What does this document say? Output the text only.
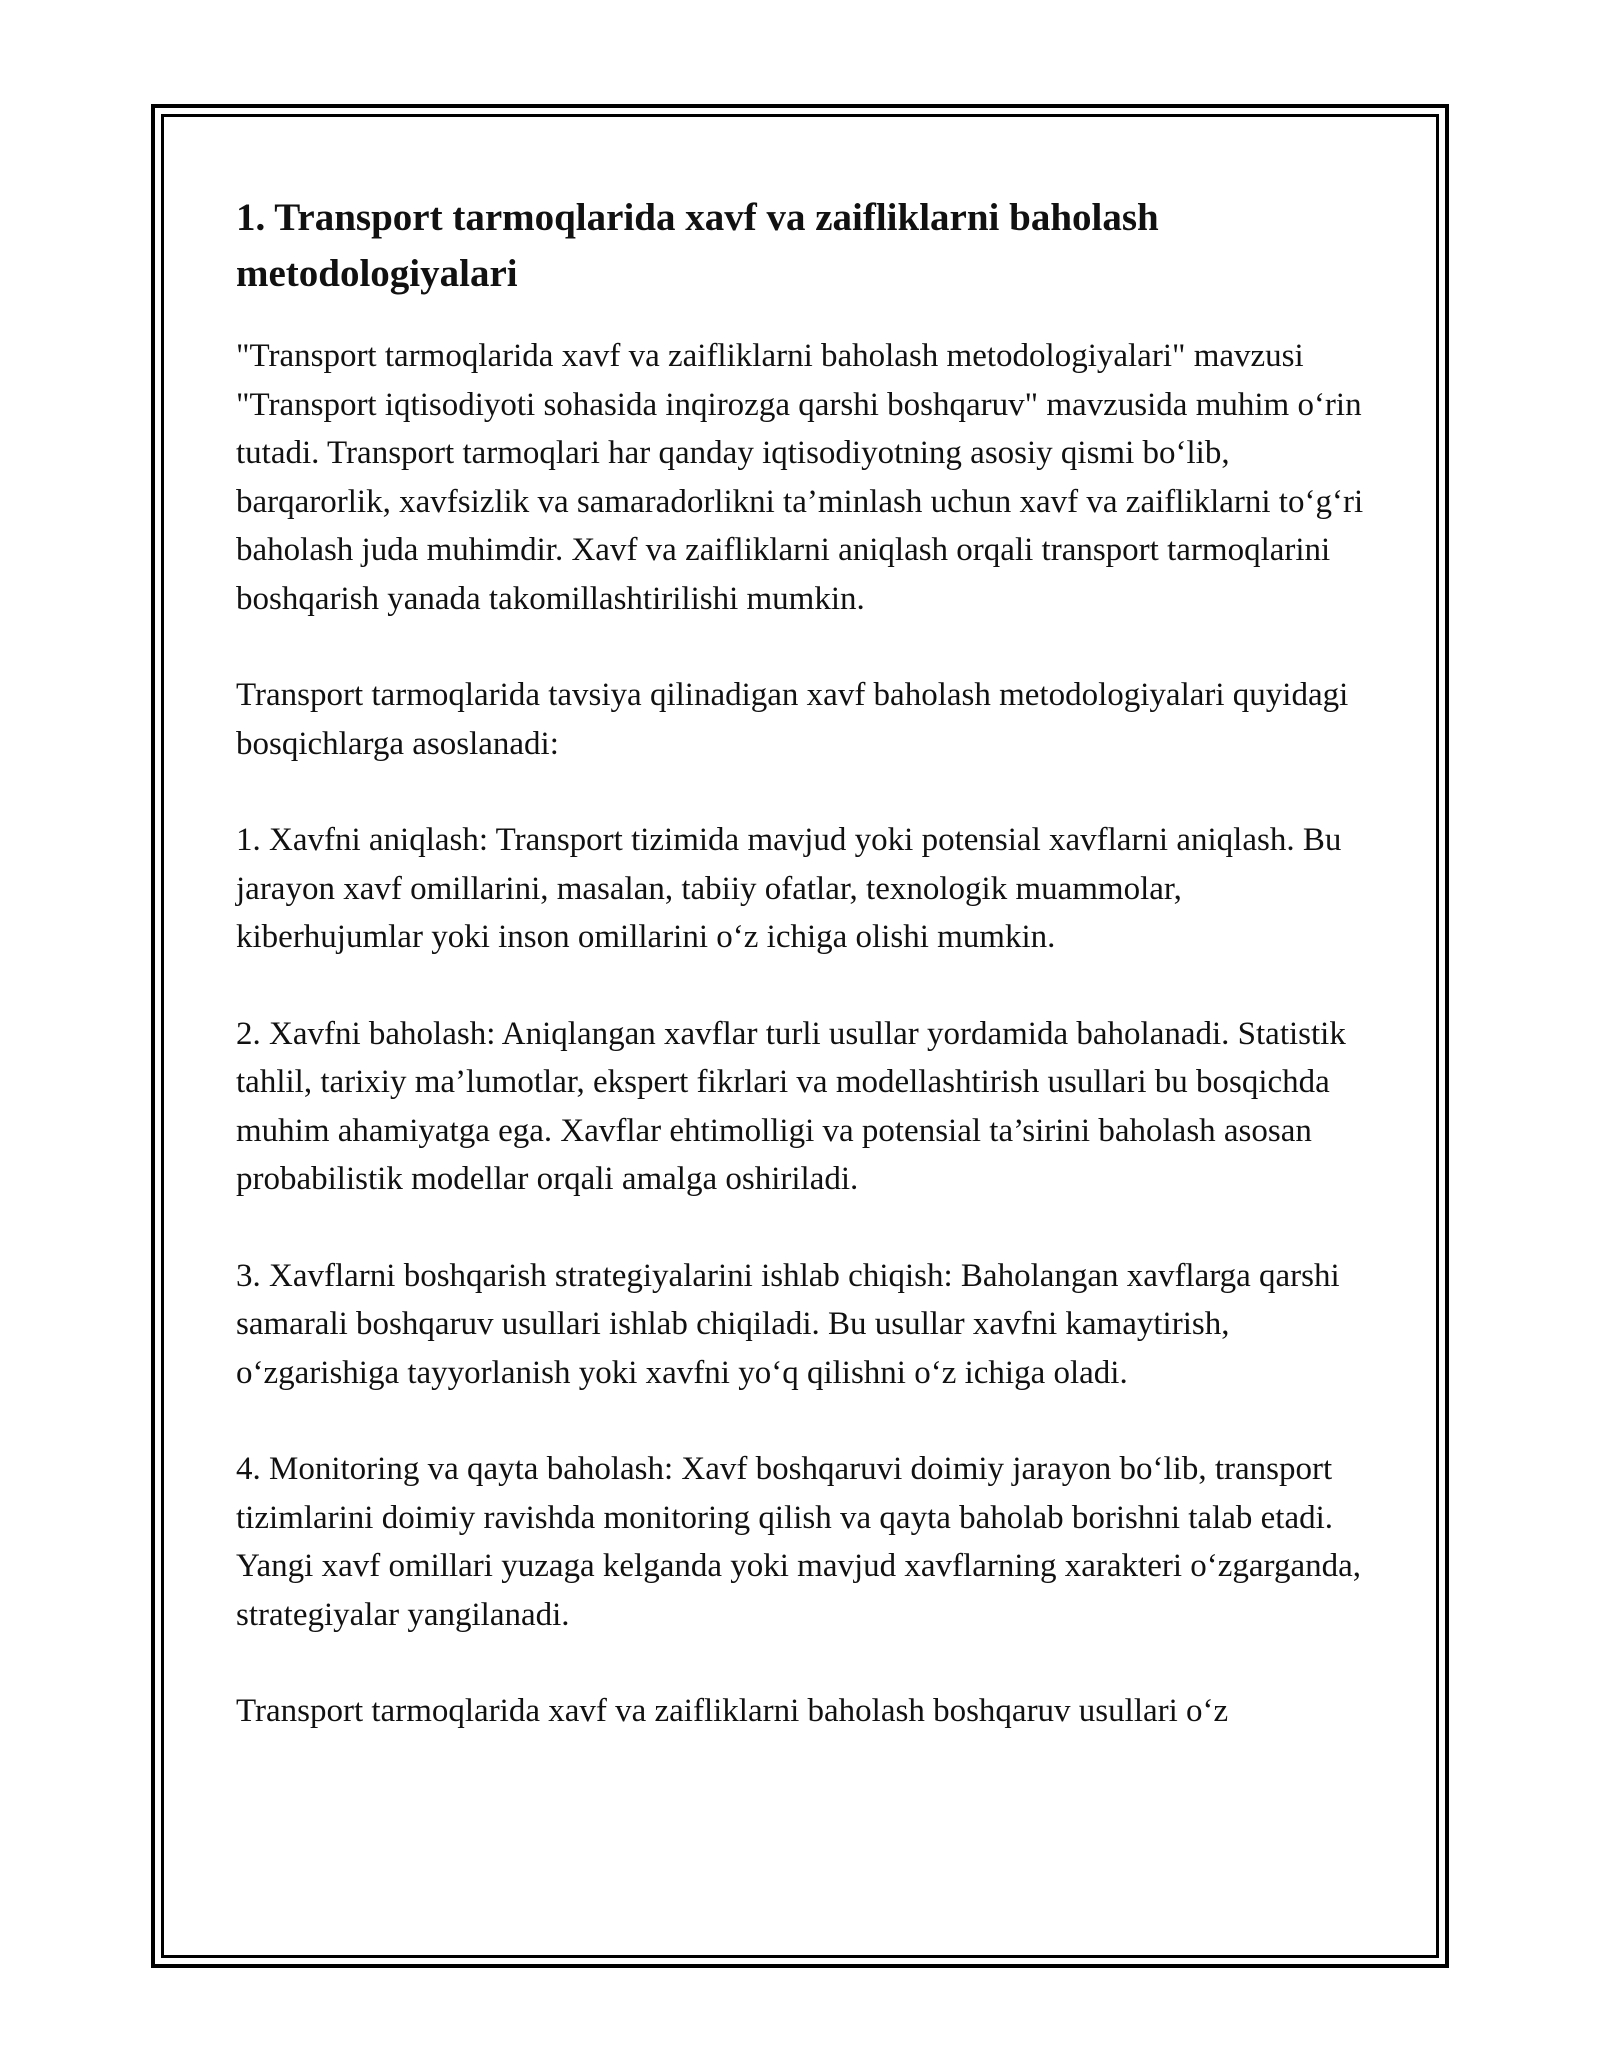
1. Transport tarmoqlarida xavf va zaifliklarni baholash metodologiyalari

"Transport tarmoqlarida xavf va zaifliklarni baholash metodologiyalari" mavzusi "Transport iqtisodiyoti sohasida inqirozga qarshi boshqaruv" mavzusida muhim o‘rin tutadi. Transport tarmoqlari har qanday iqtisodiyotning asosiy qismi bo‘lib, barqarorlik, xavfsizlik va samaradorlikni ta’minlash uchun xavf va zaifliklarni to‘g‘ri baholash juda muhimdir. Xavf va zaifliklarni aniqlash orqali transport tarmoqlarini boshqarish yanada takomillashtirilishi mumkin.

Transport tarmoqlarida tavsiya qilinadigan xavf baholash metodologiyalari quyidagi bosqichlarga asoslanadi:

1. Xavfni aniqlash: Transport tizimida mavjud yoki potensial xavflarni aniqlash. Bu jarayon xavf omillarini, masalan, tabiiy ofatlar, texnologik muammolar, kiberhujumlar yoki inson omillarini o‘z ichiga olishi mumkin.

2. Xavfni baholash: Aniqlangan xavflar turli usullar yordamida baholanadi. Statistik tahlil, tarixiy ma’lumotlar, ekspert fikrlari va modellashtirish usullari bu bosqichda muhim ahamiyatga ega. Xavflar ehtimolligi va potensial ta’sirini baholash asosan probabilistik modellar orqali amalga oshiriladi.

3. Xavflarni boshqarish strategiyalarini ishlab chiqish: Baholangan xavflarga qarshi samarali boshqaruv usullari ishlab chiqiladi. Bu usullar xavfni kamaytirish, o‘zgarishiga tayyorlanish yoki xavfni yo‘q qilishni o‘z ichiga oladi.

4. Monitoring va qayta baholash: Xavf boshqaruvi doimiy jarayon bo‘lib, transport tizimlarini doimiy ravishda monitoring qilish va qayta baholab borishni talab etadi. Yangi xavf omillari yuzaga kelganda yoki mavjud xavflarning xarakteri o‘zgarganda, strategiyalar yangilanadi.

Transport tarmoqlarida xavf va zaifliklarni baholash boshqaruv usullari o‘z
